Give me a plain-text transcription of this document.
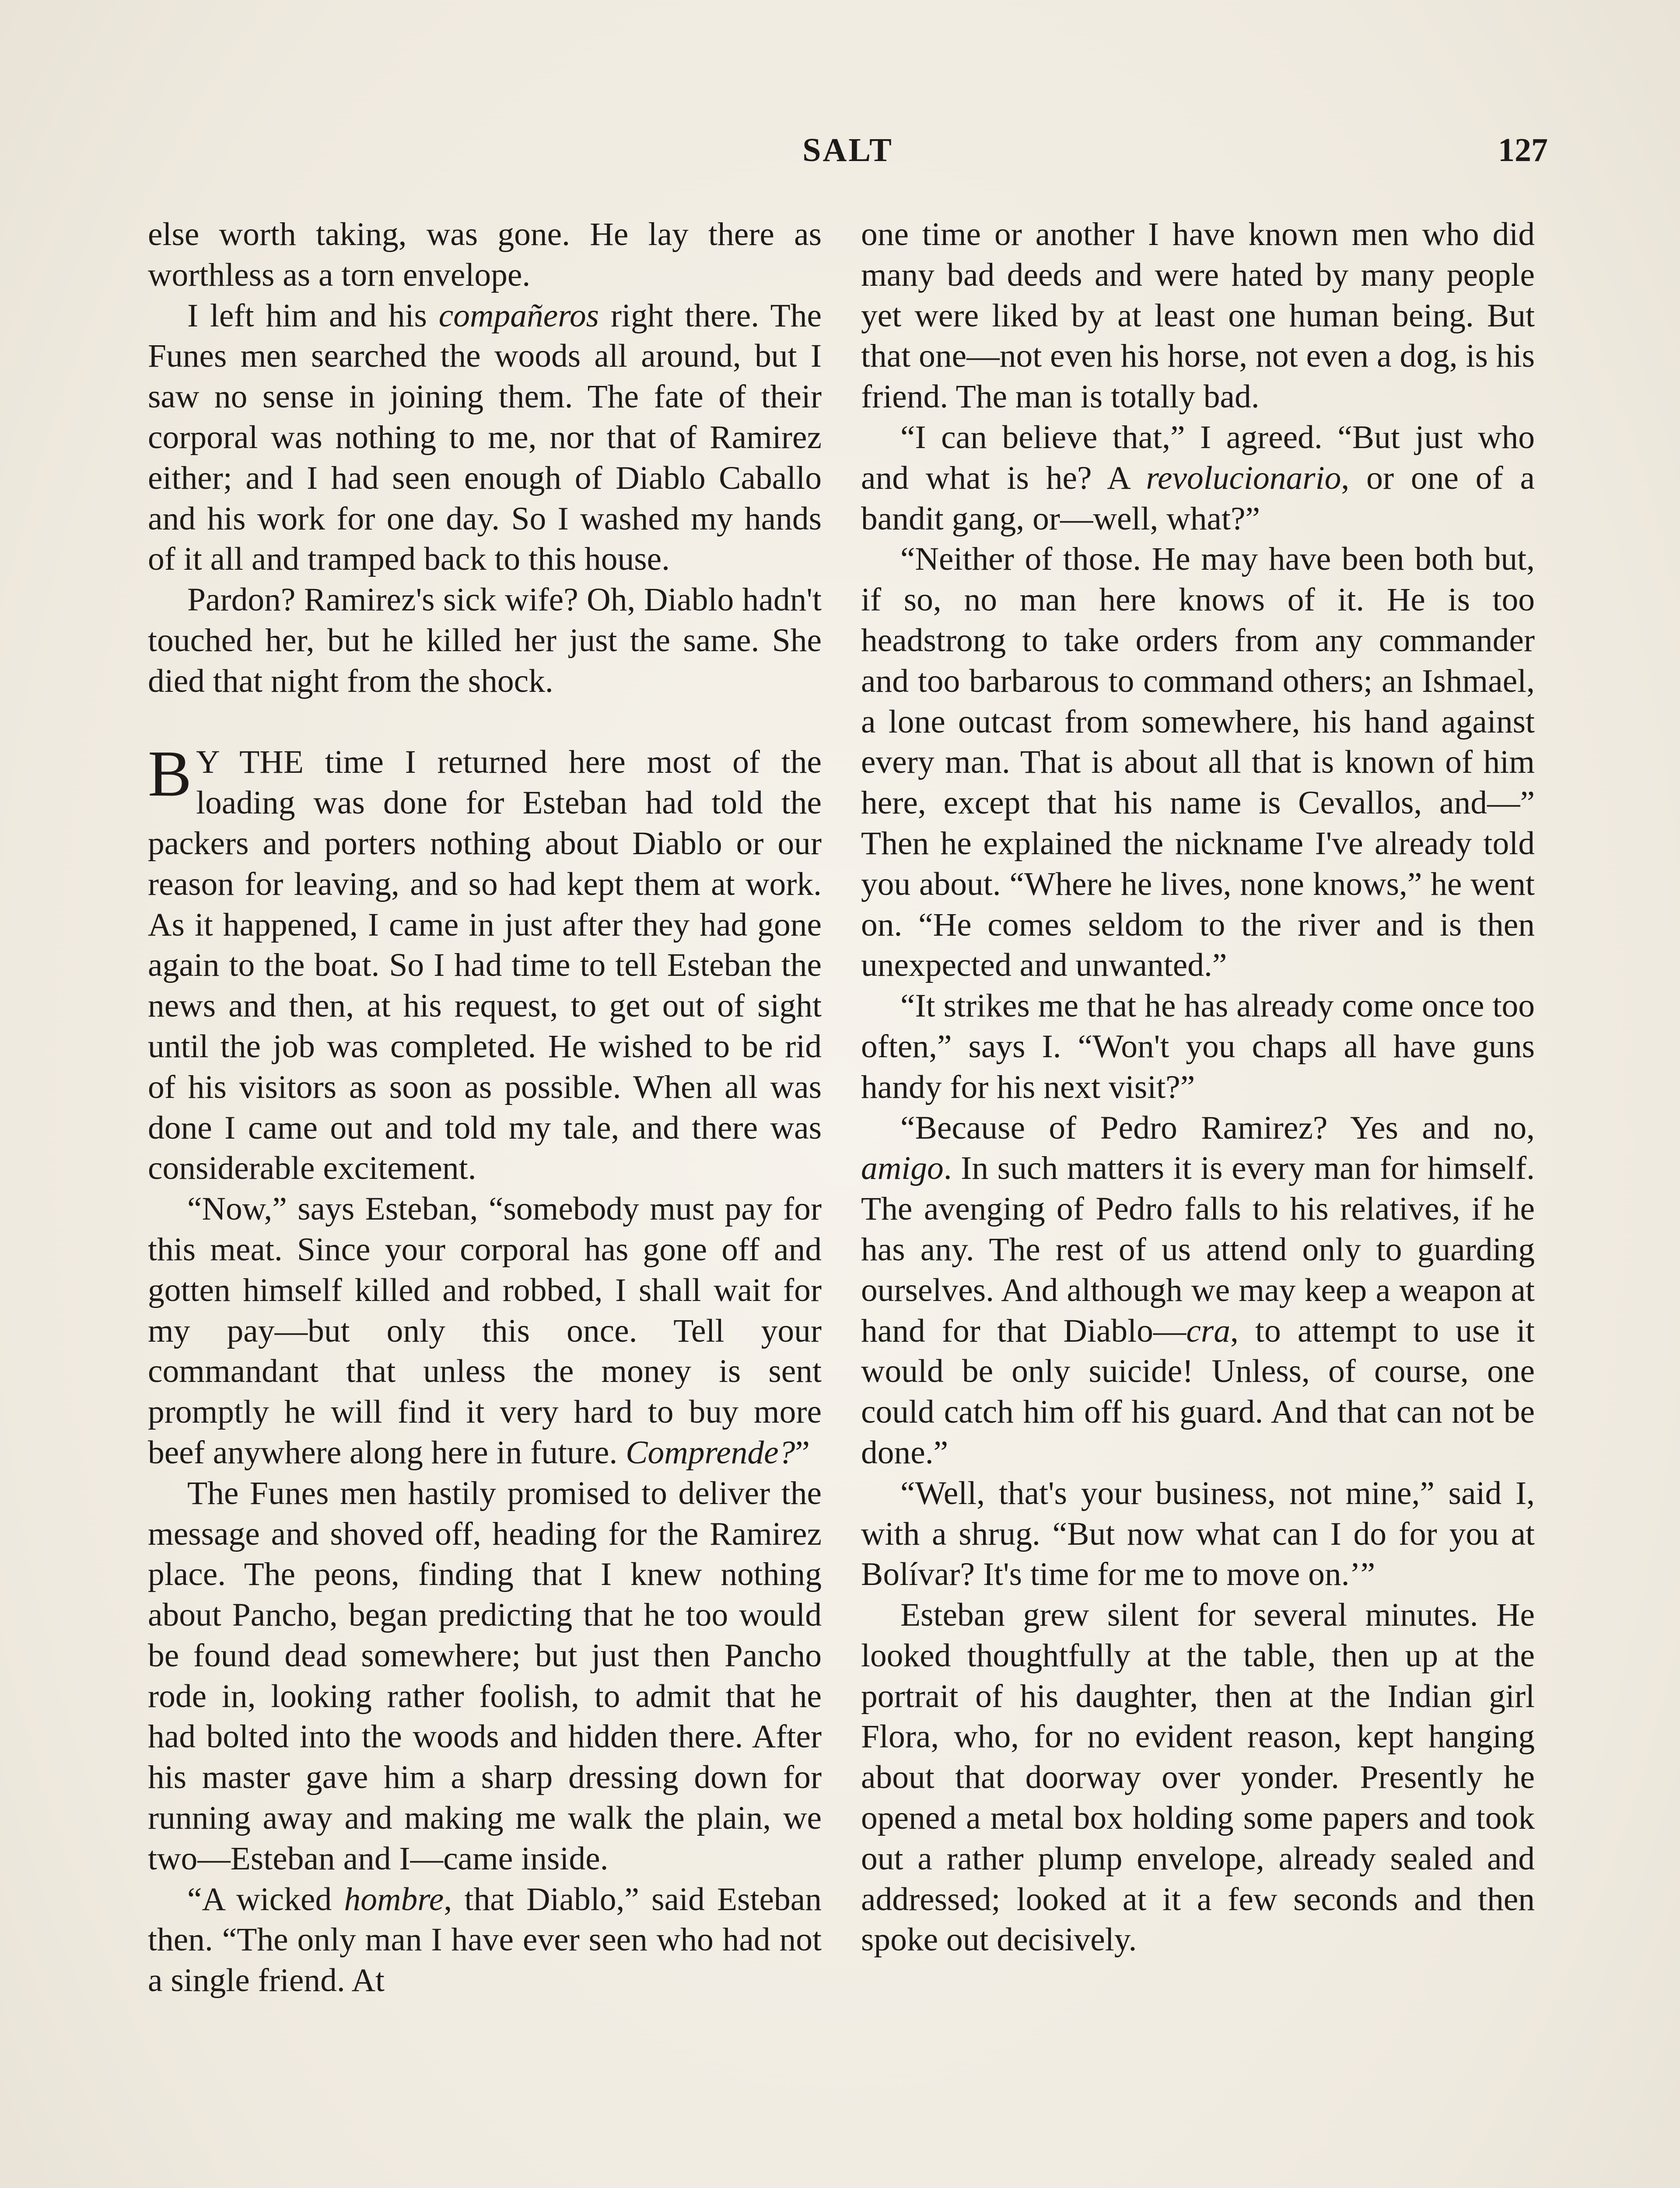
SALT	127

else worth taking, was gone. He lay there as worthless as a torn envelope.

I left him and his compañeros right there. The Funes men searched the woods all around, but I saw no sense in joining them. The fate of their corporal was nothing to me, nor that of Ramirez either; and I had seen enough of Diablo Caballo and his work for one day. So I washed my hands of it all and tramped back to this house.

Pardon? Ramirez's sick wife? Oh, Diablo hadn't touched her, but he killed her just the same. She died that night from the shock.

B Y THE time I returned here most of the loading was done for Esteban had told the packers and porters nothing about Diablo or our reason for leaving, and so had kept them at work. As it happened, I came in just after they had gone again to the boat. So I had time to tell Esteban the news and then, at his request, to get out of sight until the job was completed. He wished to be rid of his visitors as soon as possible. When all was done I came out and told my tale, and there was considerable excitement.

“Now,” says Esteban, “somebody must pay for this meat. Since your corporal has gone off and gotten himself killed and robbed, I shall wait for my pay—but only this once. Tell your commandant that unless the money is sent promptly he will find it very hard to buy more beef anywhere along here in future. Comprende?”

The Funes men hastily promised to deliver the message and shoved off, heading for the Ramirez place. The peons, finding that I knew nothing about Pancho, began predicting that he too would be found dead somewhere; but just then Pancho rode in, looking rather foolish, to admit that he had bolted into the woods and hidden there. After his master gave him a sharp dressing down for running away and making me walk the plain, we two—Esteban and I—came inside.

“A wicked hombre, that Diablo,” said Esteban then. “The only man I have ever seen who had not a single friend. At

one time or another I have known men who did many bad deeds and were hated by many people yet were liked by at least one human being. But that one—not even his horse, not even a dog, is his friend. The man is totally bad.

“I can believe that,” I agreed. “But just who and what is he? A revolucionario, or one of a bandit gang, or—well, what?”

“Neither of those. He may have been both but, if so, no man here knows of it. He is too headstrong to take orders from any commander and too barbarous to command others; an Ishmael, a lone outcast from somewhere, his hand against every man. That is about all that is known of him here, except that his name is Cevallos, and—” Then he explained the nickname I've already told you about. “Where he lives, none knows,” he went on. “He comes seldom to the river and is then unexpected and unwanted.”

“It strikes me that he has already come once too often,” says I. “Won't you chaps all have guns handy for his next visit?”

“Because of Pedro Ramirez? Yes and no, amigo. In such matters it is every man for himself. The avenging of Pedro falls to his relatives, if he has any. The rest of us attend only to guarding ourselves. And although we may keep a weapon at hand for that Diablo—cra, to attempt to use it would be only suicide! Unless, of course, one could catch him off his guard. And that can not be done.”

“Well, that's your business, not mine,” said I, with a shrug. “But now what can I do for you at Bolívar? It's time for me to move on.’”

Esteban grew silent for several minutes. He looked thoughtfully at the table, then up at the portrait of his daughter, then at the Indian girl Flora, who, for no evident reason, kept hanging about that doorway over yonder. Presently he opened a metal box holding some papers and took out a rather plump envelope, already sealed and addressed; looked at it a few seconds and then spoke out decisively.
